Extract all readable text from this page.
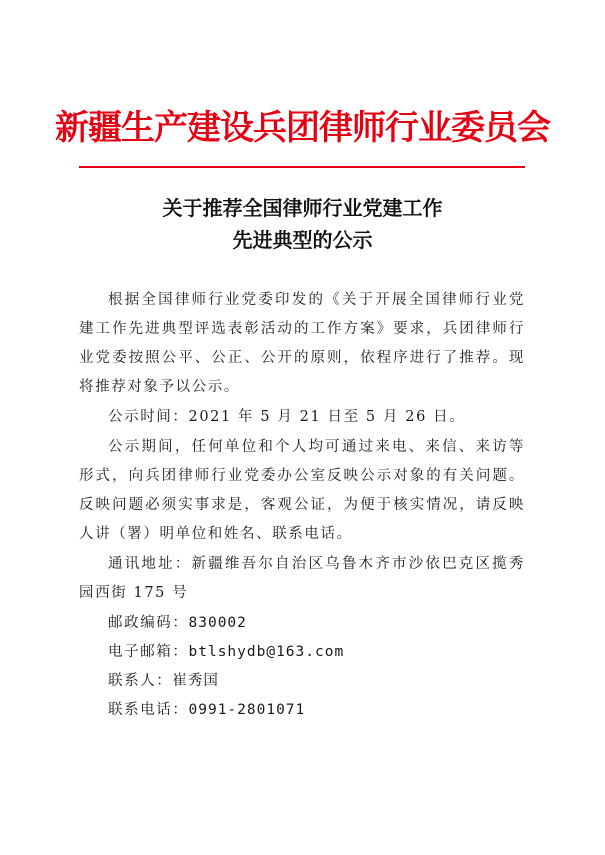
新疆生产建设兵团律师行业委员会
关于推荐全国律师行业党建工作
先进典型的公示

根据全国律师行业党委印发的《关于开展全国律师行业党建工作先进典型评选表彰活动的工作方案》要求，兵团律师行业党委按照公平、公正、公开的原则，依程序进行了推荐。现将推荐对象予以公示。

公示时间：2021 年 5 月 21 日至 5 月 26 日。

公示期间，任何单位和个人均可通过来电、来信、来访等形式，向兵团律师行业党委办公室反映公示对象的有关问题。反映问题必须实事求是，客观公证，为便于核实情况，请反映人讲（署）明单位和姓名、联系电话。

通讯地址：新疆维吾尔自治区乌鲁木齐市沙依巴克区揽秀园西街 175 号

邮政编码：830002

电子邮箱：btlshydb@163.com

联系人：崔秀国

联系电话：0991-2801071
